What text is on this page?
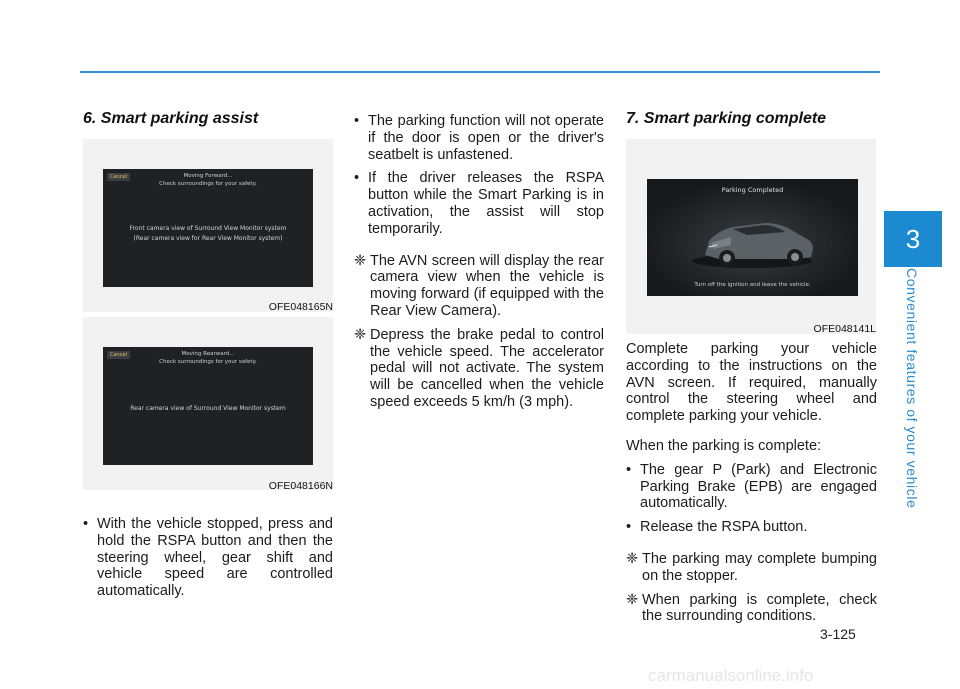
3
Convenient features of your vehicle
6. Smart parking assist
Cancel	Moving Forward...
Check surroundings for your safety.
Front camera view of Surround View Monitor system
(Rear camera view for Rear View Monitor system)
OFE048165N
Cancel	Moving Rearward...
Check surroundings for your safety.
Rear camera view of Surround View Monitor system
OFE048166N
• With the vehicle stopped, press and hold the RSPA button and then the steering wheel, gear shift and vehicle speed are controlled automatically.
• The parking function will not operate if the door is open or the driver's seatbelt is unfastened.
• If the driver releases the RSPA button while the Smart Parking is in activation, the assist will stop temporarily.
❈ The AVN screen will display the rear camera view when the vehicle is moving forward (if equipped with the Rear View Camera).
❈ Depress the brake pedal to control the vehicle speed. The accelerator pedal will not activate. The system will be cancelled when the vehicle speed exceeds 5 km/h (3 mph).
7. Smart parking complete
Parking Completed
Turn off the ignition and leave the vehicle.
OFE048141L

Complete parking your vehicle according to the instructions on the AVN screen. If required, manually control the steering wheel and complete parking your vehicle.

When the parking is complete:

• The gear P (Park) and Electronic Parking Brake (EPB) are engaged automatically.
• Release the RSPA button.
❈ The parking may complete bumping on the stopper.
❈ When parking is complete, check the surrounding conditions.
3-125
carmanualsonline.info
